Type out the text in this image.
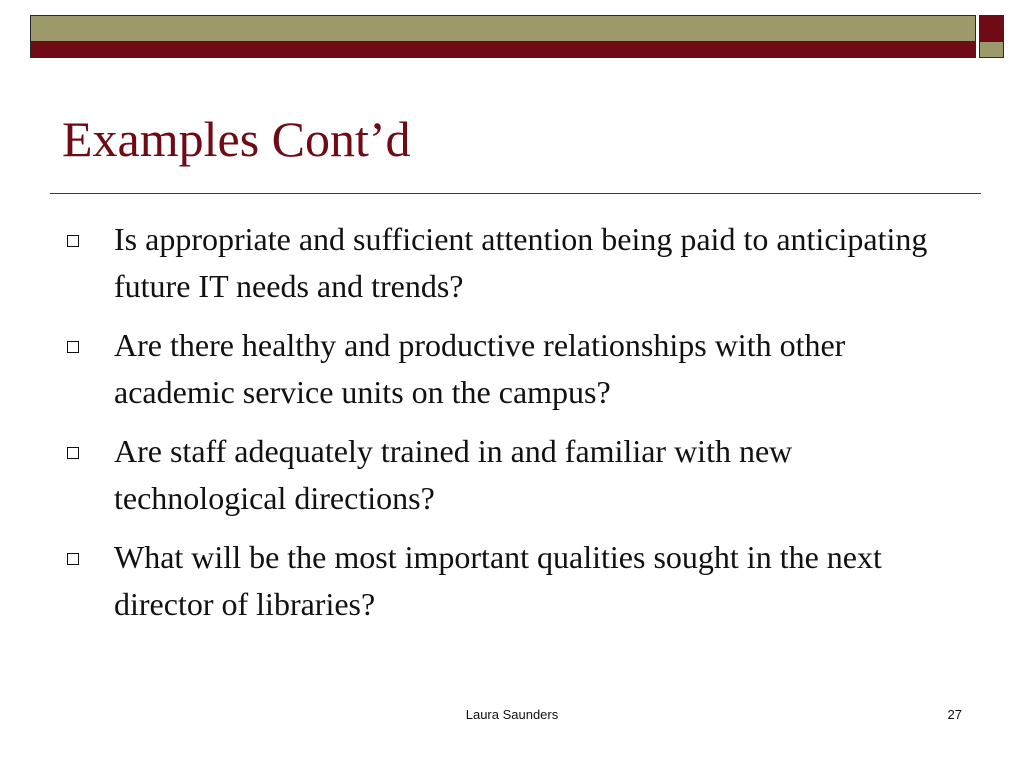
Examples Cont’d
Is appropriate and sufficient attention being paid to anticipating future IT needs and trends?
Are there healthy and productive relationships with other academic service units on the campus?
Are staff adequately trained in and familiar with new technological directions?
What will be the most important qualities sought in the next director of libraries?
Laura Saunders	27
